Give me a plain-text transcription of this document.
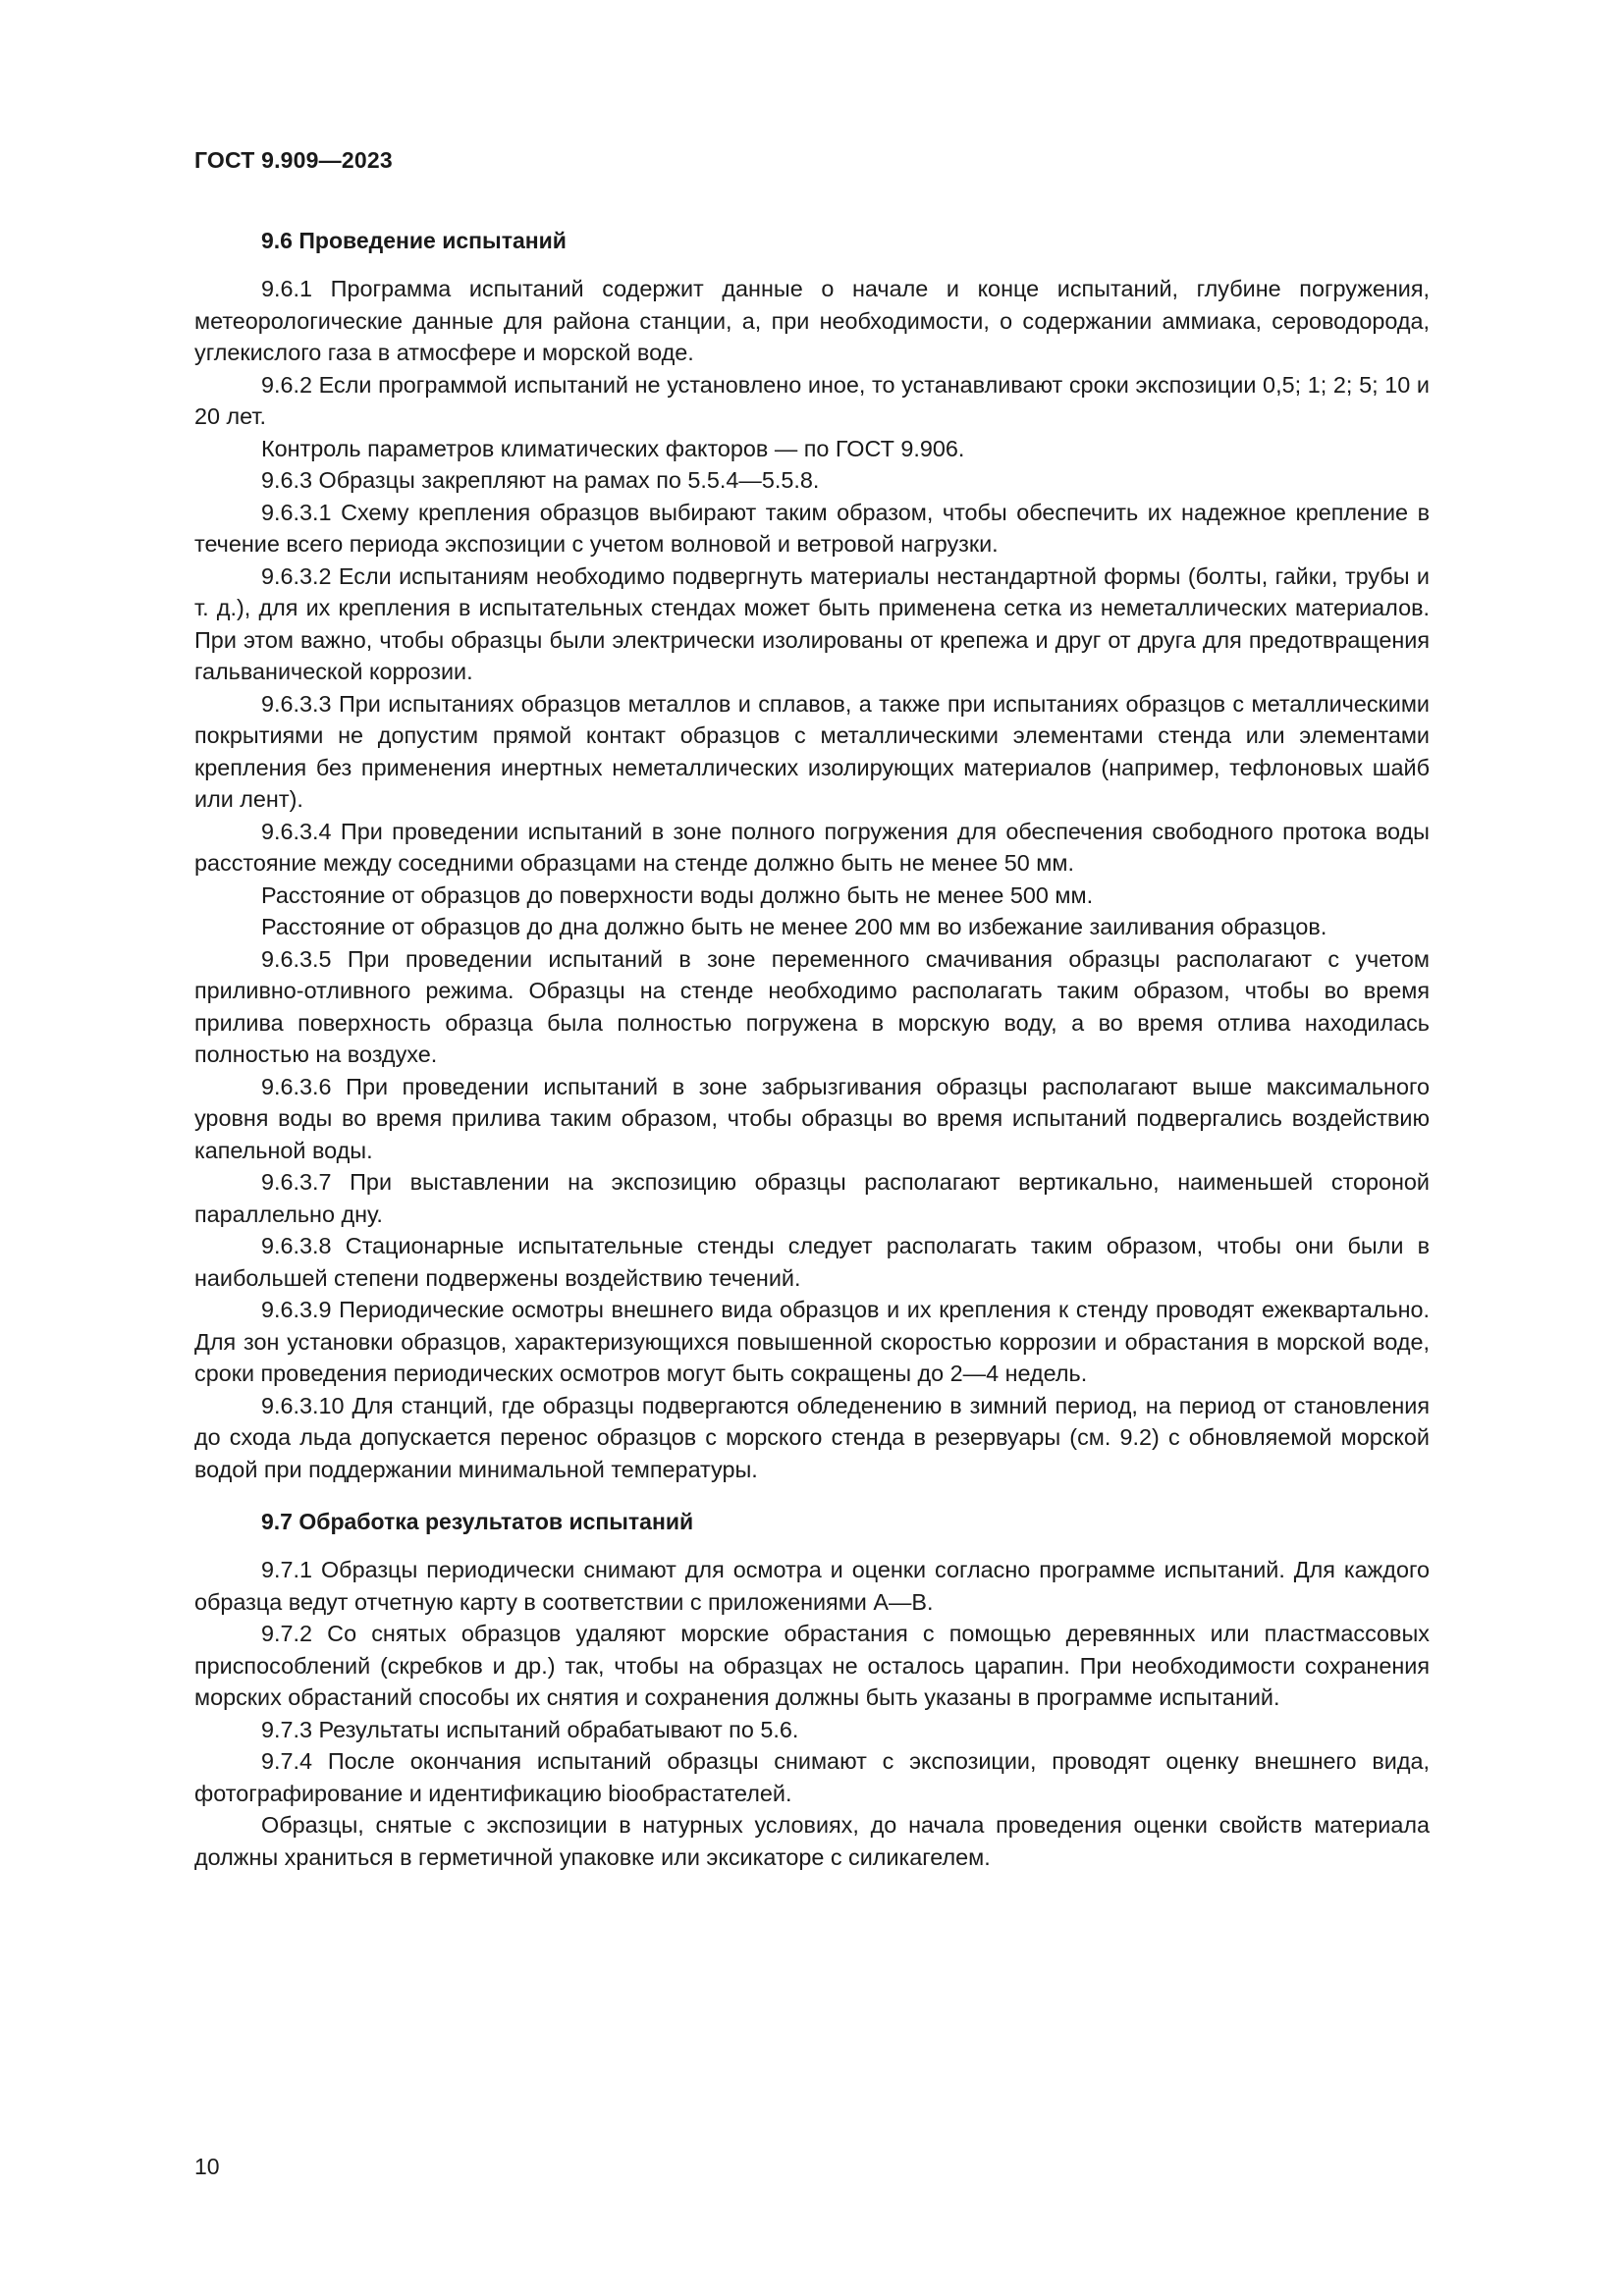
ГОСТ 9.909—2023
9.6 Проведение испытаний

9.6.1 Программа испытаний содержит данные о начале и конце испытаний, глубине погружения, метеорологические данные для района станции, а, при необходимости, о содержании аммиака, сероводорода, углекислого газа в атмосфере и морской воде.

9.6.2 Если программой испытаний не установлено иное, то устанавливают сроки экспозиции 0,5; 1; 2; 5; 10 и 20 лет.

Контроль параметров климатических факторов — по ГОСТ 9.906.

9.6.3 Образцы закрепляют на рамах по 5.5.4—5.5.8.

9.6.3.1 Схему крепления образцов выбирают таким образом, чтобы обеспечить их надежное крепление в течение всего периода экспозиции с учетом волновой и ветровой нагрузки.

9.6.3.2 Если испытаниям необходимо подвергнуть материалы нестандартной формы (болты, гайки, трубы и т. д.), для их крепления в испытательных стендах может быть применена сетка из неметаллических материалов. При этом важно, чтобы образцы были электрически изолированы от крепежа и друг от друга для предотвращения гальванической коррозии.

9.6.3.3 При испытаниях образцов металлов и сплавов, а также при испытаниях образцов с металлическими покрытиями не допустим прямой контакт образцов с металлическими элементами стенда или элементами крепления без применения инертных неметаллических изолирующих материалов (например, тефлоновых шайб или лент).

9.6.3.4 При проведении испытаний в зоне полного погружения для обеспечения свободного протока воды расстояние между соседними образцами на стенде должно быть не менее 50 мм.

Расстояние от образцов до поверхности воды должно быть не менее 500 мм.

Расстояние от образцов до дна должно быть не менее 200 мм во избежание заиливания образцов.

9.6.3.5 При проведении испытаний в зоне переменного смачивания образцы располагают с учетом приливно-отливного режима. Образцы на стенде необходимо располагать таким образом, чтобы во время прилива поверхность образца была полностью погружена в морскую воду, а во время отлива находилась полностью на воздухе.

9.6.3.6 При проведении испытаний в зоне забрызгивания образцы располагают выше максимального уровня воды во время прилива таким образом, чтобы образцы во время испытаний подвергались воздействию капельной воды.

9.6.3.7 При выставлении на экспозицию образцы располагают вертикально, наименьшей стороной параллельно дну.

9.6.3.8 Стационарные испытательные стенды следует располагать таким образом, чтобы они были в наибольшей степени подвержены воздействию течений.

9.6.3.9 Периодические осмотры внешнего вида образцов и их крепления к стенду проводят ежеквартально. Для зон установки образцов, характеризующихся повышенной скоростью коррозии и обрастания в морской воде, сроки проведения периодических осмотров могут быть сокращены до 2—4 недель.

9.6.3.10 Для станций, где образцы подвергаются обледенению в зимний период, на период от становления до схода льда допускается перенос образцов с морского стенда в резервуары (см. 9.2) с обновляемой морской водой при поддержании минимальной температуры.

9.7 Обработка результатов испытаний

9.7.1 Образцы периодически снимают для осмотра и оценки согласно программе испытаний. Для каждого образца ведут отчетную карту в соответствии с приложениями А—В.

9.7.2 Со снятых образцов удаляют морские обрастания с помощью деревянных или пластмассовых приспособлений (скребков и др.) так, чтобы на образцах не осталось царапин. При необходимости сохранения морских обрастаний способы их снятия и сохранения должны быть указаны в программе испытаний.

9.7.3 Результаты испытаний обрабатывают по 5.6.

9.7.4 После окончания испытаний образцы снимают с экспозиции, проводят оценку внешнего вида, фотографирование и идентификацию biообрастателей.

Образцы, снятые с экспозиции в натурных условиях, до начала проведения оценки свойств материала должны храниться в герметичной упаковке или эксикаторе с силикагелем.

10
